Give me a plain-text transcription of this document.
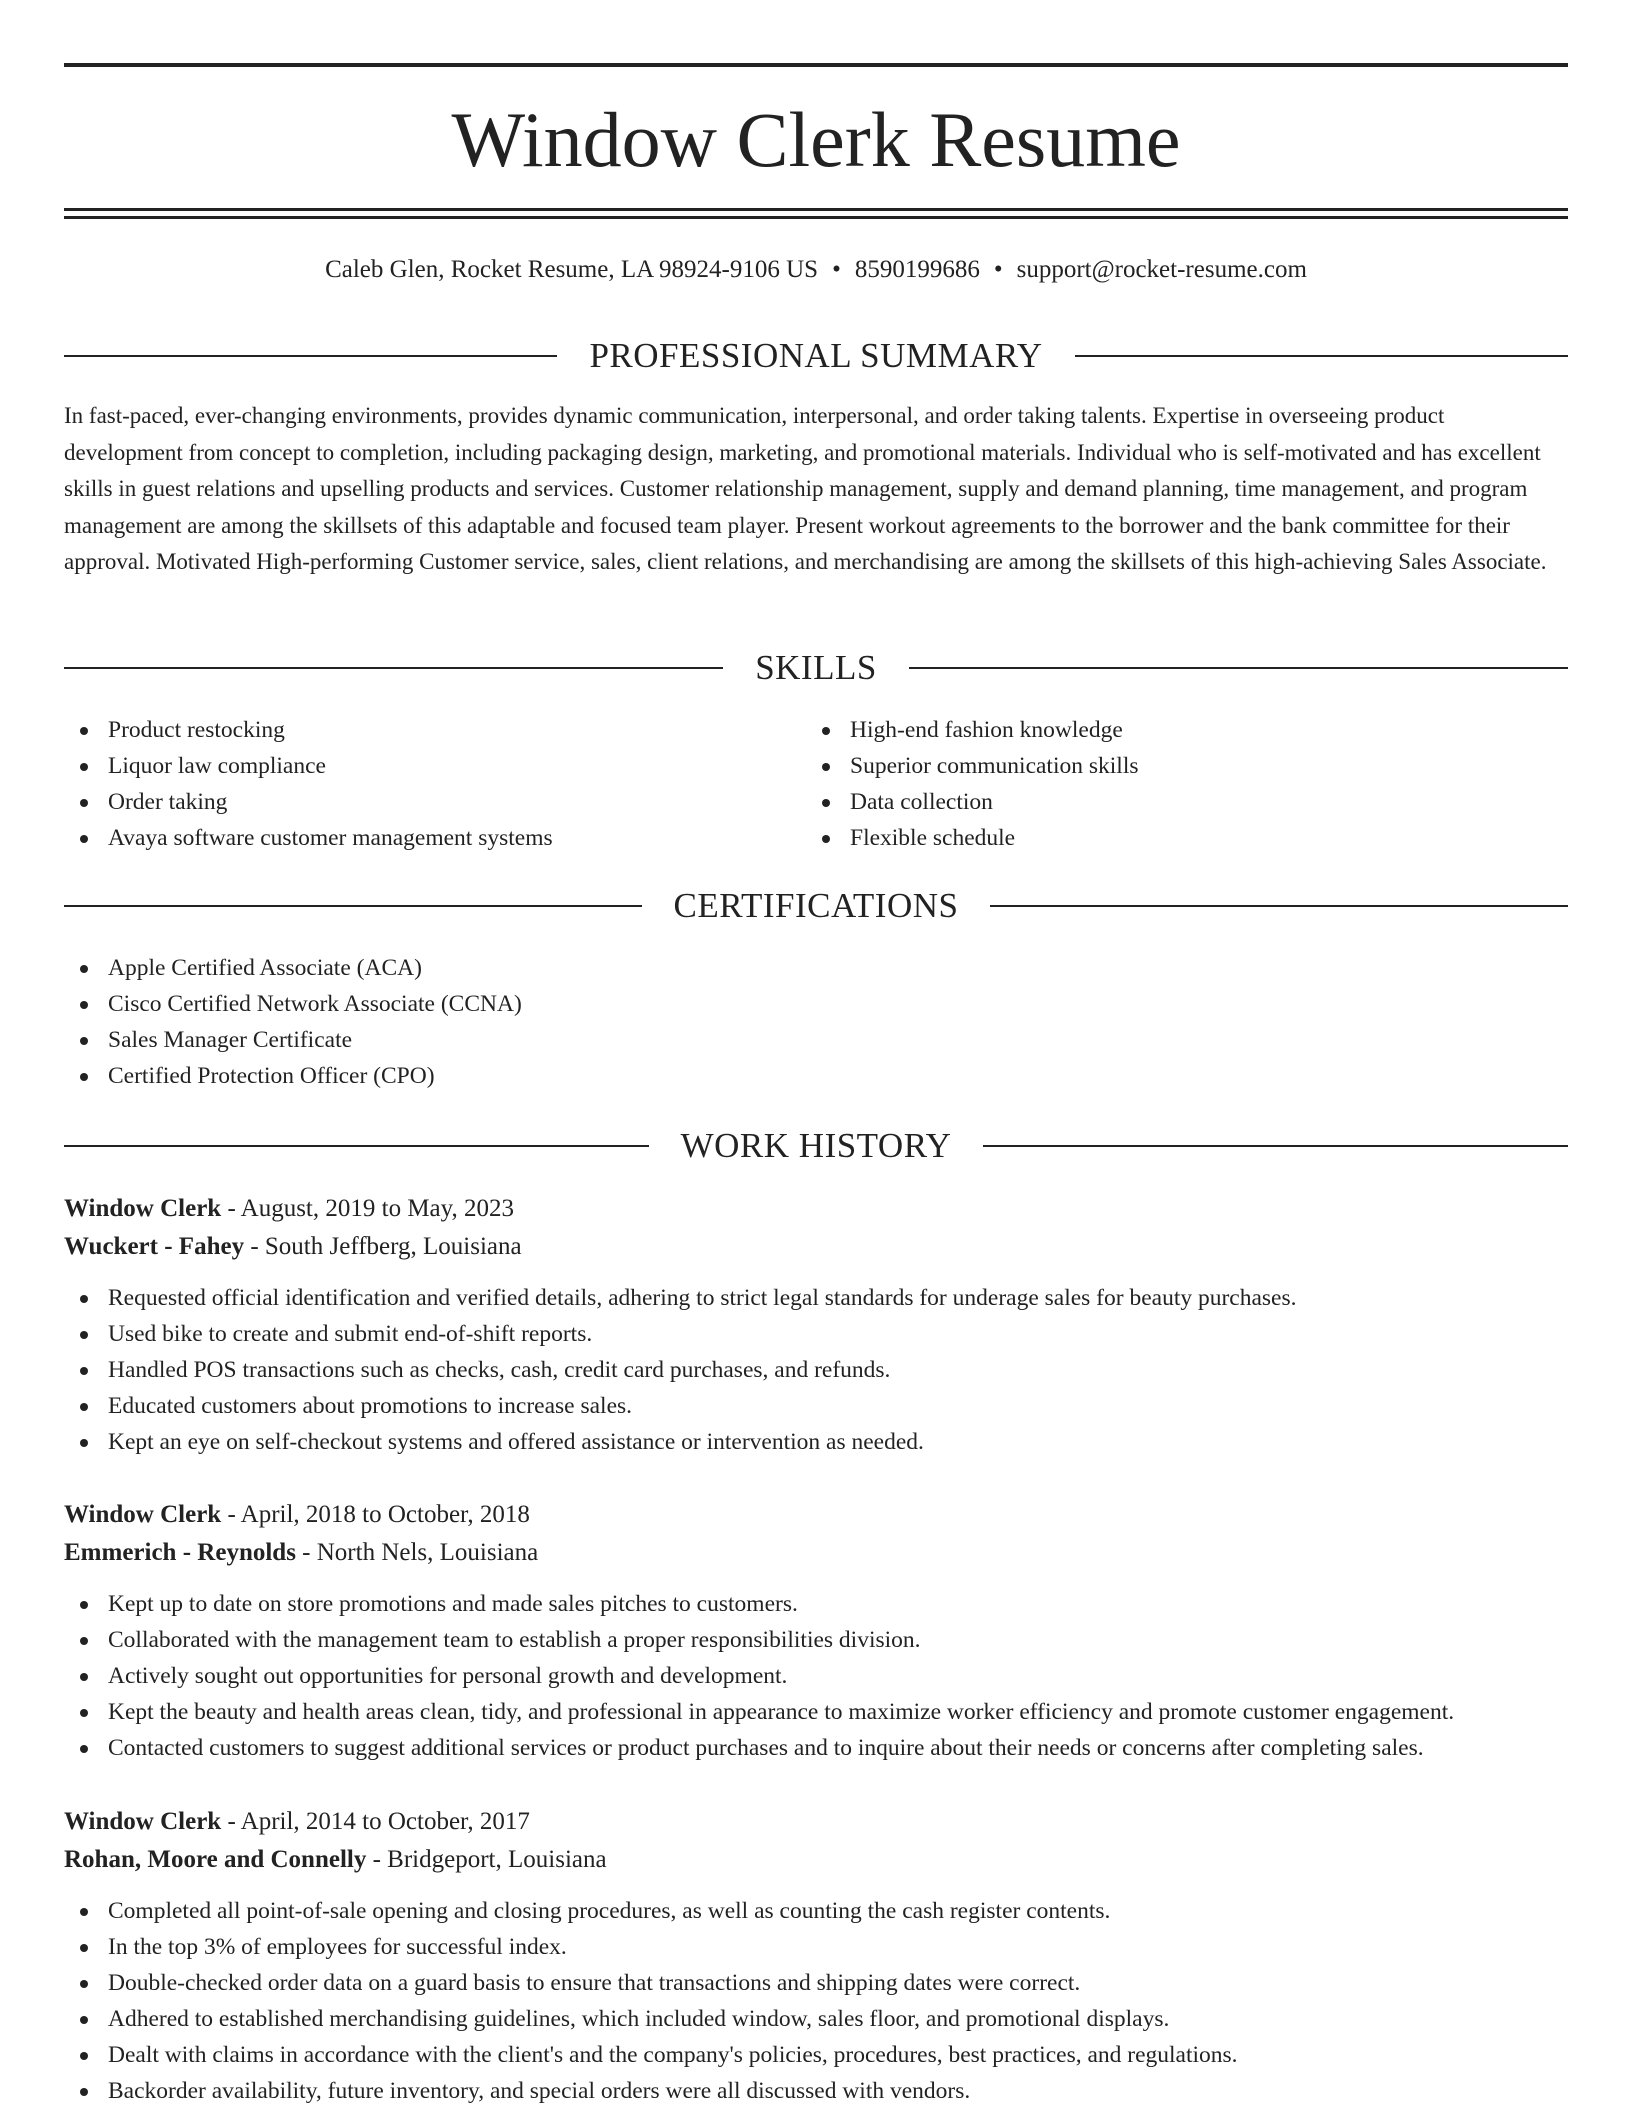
Window Clerk Resume
Caleb Glen, Rocket Resume, LA 98924-9106 US • 8590199686 • support@rocket-resume.com
PROFESSIONAL SUMMARY

In fast-paced, ever-changing environments, provides dynamic communication, interpersonal, and order taking talents. Expertise in overseeing product development from concept to completion, including packaging design, marketing, and promotional materials. Individual who is self-motivated and has excellent skills in guest relations and upselling products and services. Customer relationship management, supply and demand planning, time management, and program management are among the skillsets of this adaptable and focused team player. Present workout agreements to the borrower and the bank committee for their approval. Motivated High-performing Customer service, sales, client relations, and merchandising are among the skillsets of this high-achieving Sales Associate.

SKILLS
Product restocking
Liquor law compliance
Order taking
Avaya software customer management systems
High-end fashion knowledge
Superior communication skills
Data collection
Flexible schedule
CERTIFICATIONS
Apple Certified Associate (ACA)
Cisco Certified Network Associate (CCNA)
Sales Manager Certificate
Certified Protection Officer (CPO)
WORK HISTORY
Window Clerk - August, 2019 to May, 2023
Wuckert - Fahey - South Jeffberg, Louisiana
Requested official identification and verified details, adhering to strict legal standards for underage sales for beauty purchases.
Used bike to create and submit end-of-shift reports.
Handled POS transactions such as checks, cash, credit card purchases, and refunds.
Educated customers about promotions to increase sales.
Kept an eye on self-checkout systems and offered assistance or intervention as needed.
Window Clerk - April, 2018 to October, 2018
Emmerich - Reynolds - North Nels, Louisiana
Kept up to date on store promotions and made sales pitches to customers.
Collaborated with the management team to establish a proper responsibilities division.
Actively sought out opportunities for personal growth and development.
Kept the beauty and health areas clean, tidy, and professional in appearance to maximize worker efficiency and promote customer engagement.
Contacted customers to suggest additional services or product purchases and to inquire about their needs or concerns after completing sales.
Window Clerk - April, 2014 to October, 2017
Rohan, Moore and Connelly - Bridgeport, Louisiana
Completed all point-of-sale opening and closing procedures, as well as counting the cash register contents.
In the top 3% of employees for successful index.
Double-checked order data on a guard basis to ensure that transactions and shipping dates were correct.
Adhered to established merchandising guidelines, which included window, sales floor, and promotional displays.
Dealt with claims in accordance with the client's and the company's policies, procedures, best practices, and regulations.
Backorder availability, future inventory, and special orders were all discussed with vendors.
